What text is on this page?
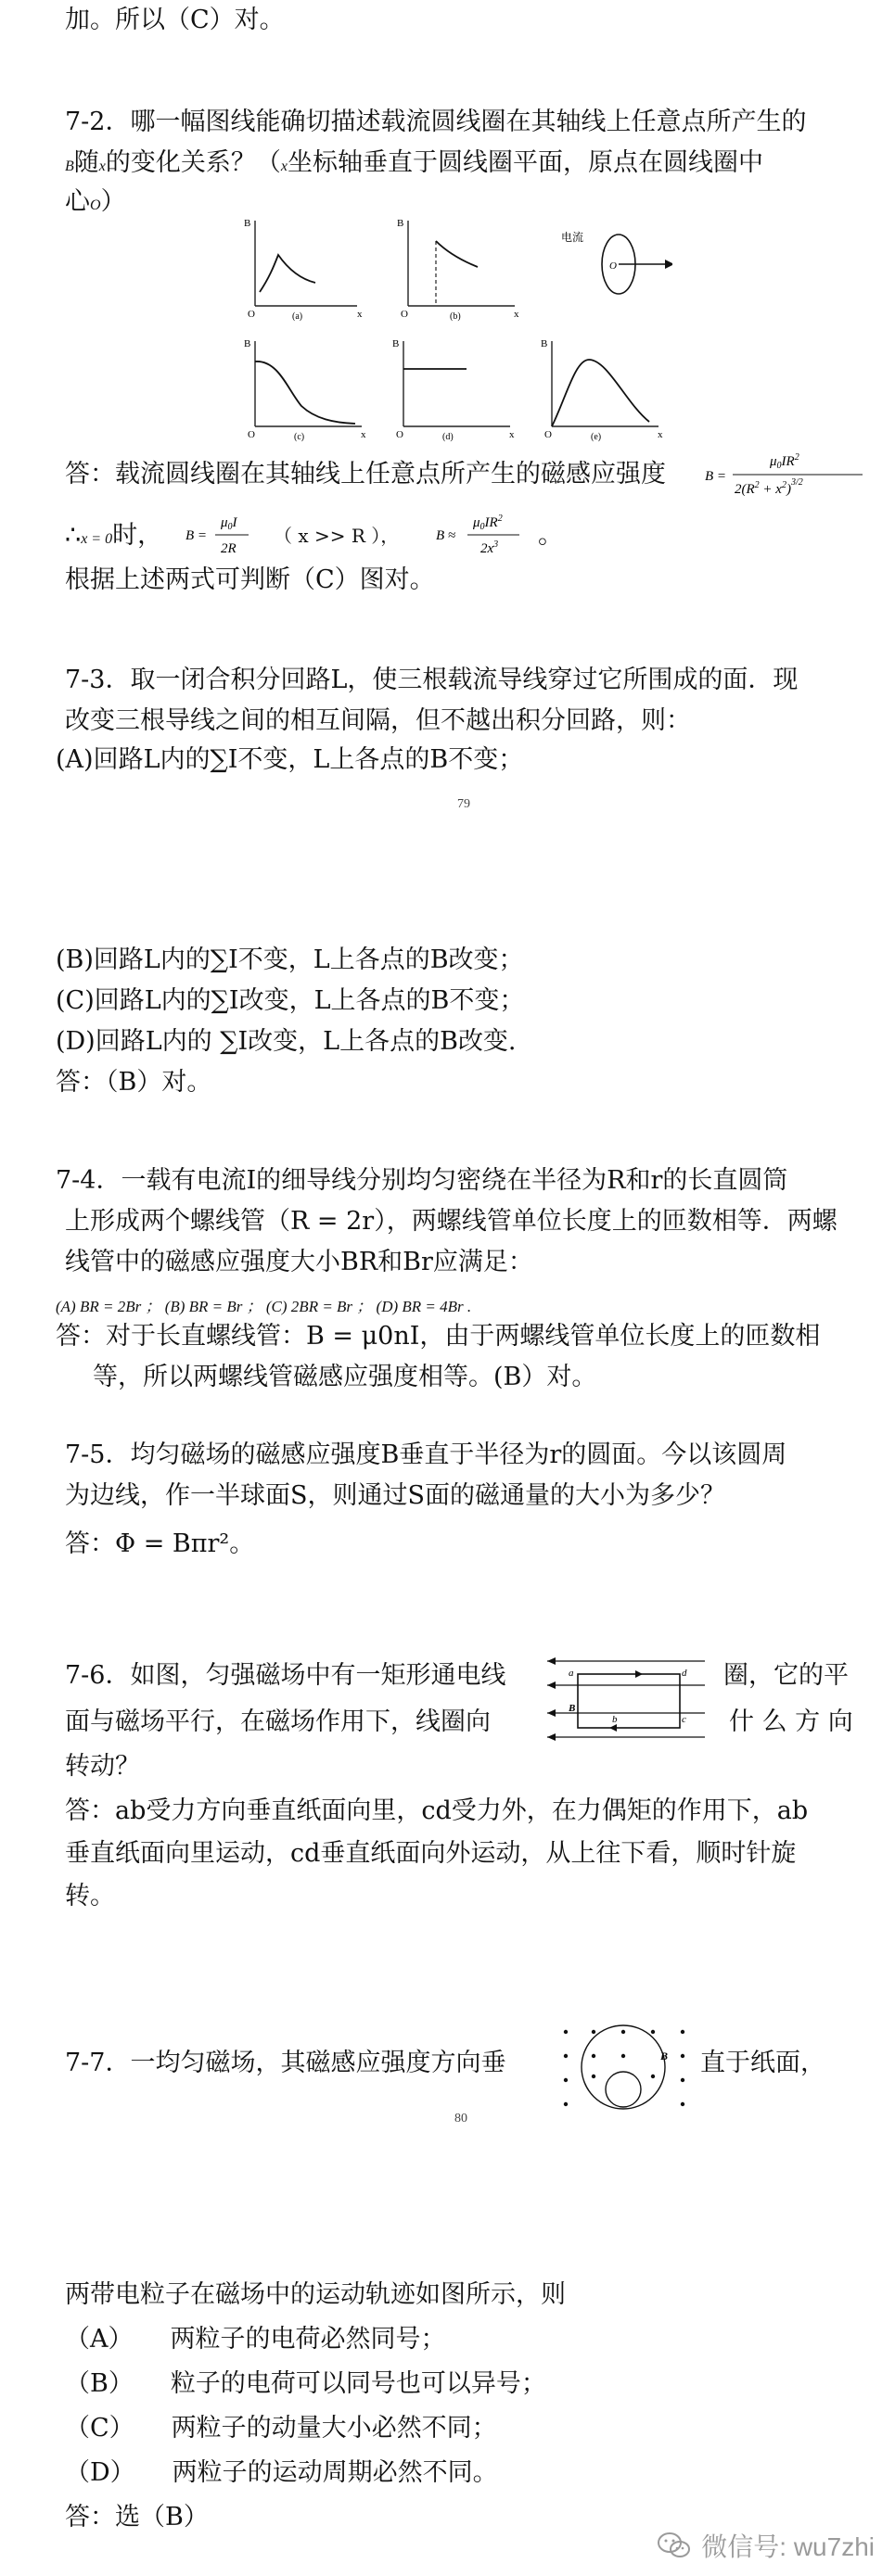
加。所以（C）对。
7-2．哪一幅图线能确切描述载流圆线圈在其轴线上任意点所产生的
B随x的变化关系？（x坐标轴垂直于圆线圈平面，原点在圆线圈中
心O）
B
O	x
(a)
B
O	x
(b)
电流
O
B
O	x
(c)
B
O	x
(d)
B
O	x
(e)
答：载流圆线圈在其轴线上任意点所产生的磁感应强度	B =
$\mu_0IR^2$
$2(R^2 + x^2)^{3/2}$
∴x = 0时， B =
$\mu_0I$
2R
（ x >> R ），	B ≈
$\mu_0IR^2$
$2x^3$ 。
根据上述两式可判断（C）图对。
7-3．取一闭合积分回路L，使三根载流导线穿过它所围成的面．现
改变三根导线之间的相互间隔，但不越出积分回路，则：
(A)回路L内的∑I不变，L上各点的B不变；
79
(B)回路L内的∑I不变，L上各点的B改变；
(C)回路L内的∑I改变，L上各点的B不变；
(D)回路L内的 ∑I改变，L上各点的B改变.
答：（B）对。
7-4．一载有电流I的细导线分别均匀密绕在半径为R和r的长直圆筒
上形成两个螺线管（R = 2r），两螺线管单位长度上的匝数相等．两螺
线管中的磁感应强度大小BR和Br应满足：
(A) BR = 2Br ； (B) BR = Br ； (C) 2BR = Br ； (D) BR = 4Br .
答：对于长直螺线管：B = μ0nI，由于两螺线管单位长度上的匝数相
等，所以两螺线管磁感应强度相等。(B）对。
7-5．均匀磁场的磁感应强度B垂直于半径为r的圆面。今以该圆周
为边线，作一半球面S，则通过S面的磁通量的大小为多少？
答：Φ = Bπr²。
7-6．如图，匀强磁场中有一矩形通电线	圈，它的平
面与磁场平行，在磁场作用下，线圈向	什 么 方 向
转动？
a	d
b	c
B
答：ab受力方向垂直纸面向里，cd受力外，在力偶矩的作用下，ab
垂直纸面向里运动，cd垂直纸面向外运动，从上往下看，顺时针旋
转。
7-7．一均匀磁场，其磁感应强度方向垂	直于纸面，
B
80
两带电粒子在磁场中的运动轨迹如图所示，则
（A） 两粒子的电荷必然同号；
（B） 粒子的电荷可以同号也可以异号；
（C） 两粒子的动量大小必然不同；
（D） 两粒子的运动周期必然不同。
答：选（B）
微信号: wu7zhi
